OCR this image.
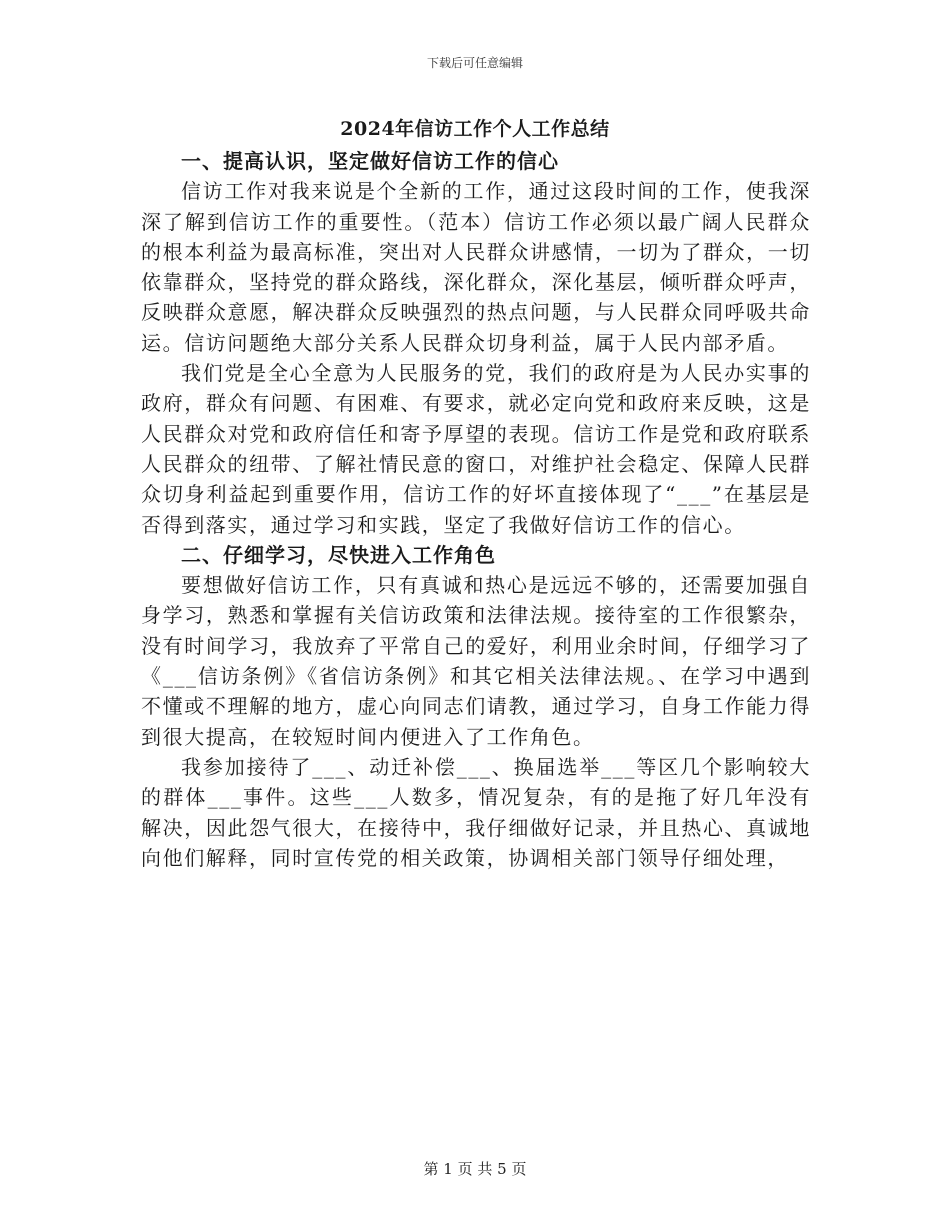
下载后可任意编辑
2024年信访工作个人工作总结

一、提高认识，坚定做好信访工作的信心

信访工作对我来说是个全新的工作，通过这段时间的工作，使我深深了解到信访工作的重要性。（范本）信访工作必须以最广阔人民群众的根本利益为最高标准，突出对人民群众讲感情，一切为了群众，一切依靠群众，坚持党的群众路线，深化群众，深化基层，倾听群众呼声，反映群众意愿，解决群众反映强烈的热点问题，与人民群众同呼吸共命运。信访问题绝大部分关系人民群众切身利益，属于人民内部矛盾。

我们党是全心全意为人民服务的党，我们的政府是为人民办实事的政府，群众有问题、有困难、有要求，就必定向党和政府来反映，这是人民群众对党和政府信任和寄予厚望的表现。信访工作是党和政府联系人民群众的纽带、了解社情民意的窗口，对维护社会稳定、保障人民群众切身利益起到重要作用，信访工作的好坏直接体现了“___”在基层是否得到落实，通过学习和实践，坚定了我做好信访工作的信心。

二、仔细学习，尽快进入工作角色

要想做好信访工作，只有真诚和热心是远远不够的，还需要加强自身学习，熟悉和掌握有关信访政策和法律法规。接待室的工作很繁杂，没有时间学习，我放弃了平常自己的爱好，利用业余时间，仔细学习了《___信访条例》《省信访条例》和其它相关法律法规。、在学习中遇到不懂或不理解的地方，虚心向同志们请教，通过学习，自身工作能力得到很大提高，在较短时间内便进入了工作角色。

我参加接待了___、动迁补偿___、换届选举___等区几个影响较大的群体___事件。这些___人数多，情况复杂，有的是拖了好几年没有解决，因此怨气很大，在接待中，我仔细做好记录，并且热心、真诚地向他们解释，同时宣传党的相关政策，协调相关部门领导仔细处理，

第 1 页 共 5 页
